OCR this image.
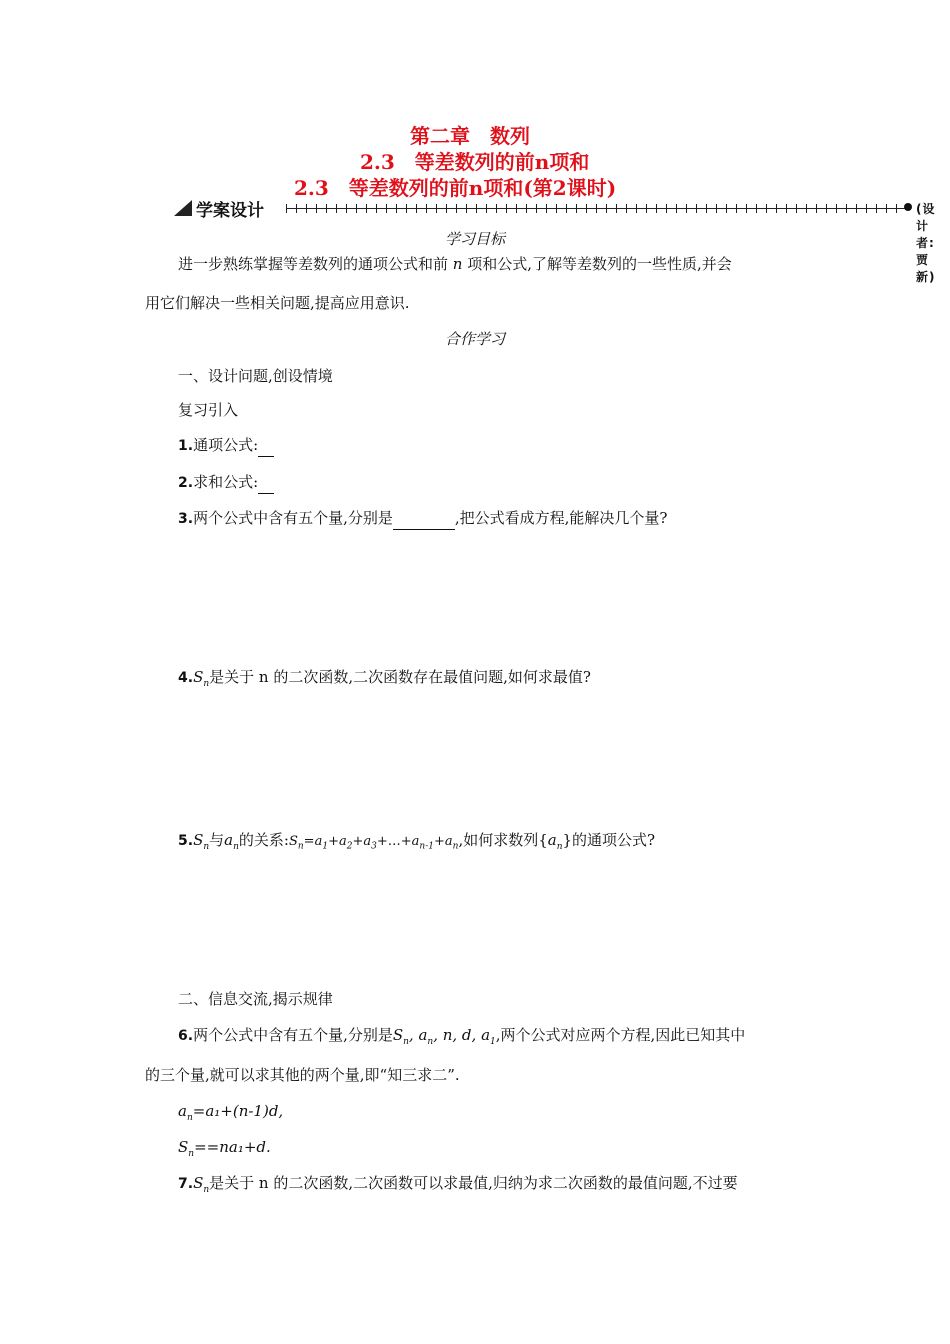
第二章　数列
2.3　等差数列的前n项和
2.3　等差数列的前n项和(第2课时)
学案设计	(设计者:贾　新)
学习目标
进一步熟练掌握等差数列的通项公式和前 n 项和公式,了解等差数列的一些性质,并会
用它们解决一些相关问题,提高应用意识.
合作学习
一、设计问题,创设情境
复习引入
1.通项公式:
2.求和公式:
3.两个公式中含有五个量,分别是	,把公式看成方程,能解决几个量?
$4.S_n$是关于 n 的二次函数,二次函数存在最值问题,如何求最值?
$5.S_n$与$a_n$的关系$:S_n=a_1+a_2+a_3+\dots+a_{n-1}+a_n$,如何求数列$\{a_n\}$的通项公式?
二、信息交流,揭示规律
6.两个公式中含有五个量,分别是$S_n$, $a_n$, n, d, $a_1$,两个公式对应两个方程,因此已知其中
的三个量,就可以求其他的两个量,即“知三求二”.
$a_n=a_1+(n-1)d$,
$S_n==na_1+d$.
$7.S_n$是关于 n 的二次函数,二次函数可以求最值,归纳为求二次函数的最值问题,不过要
